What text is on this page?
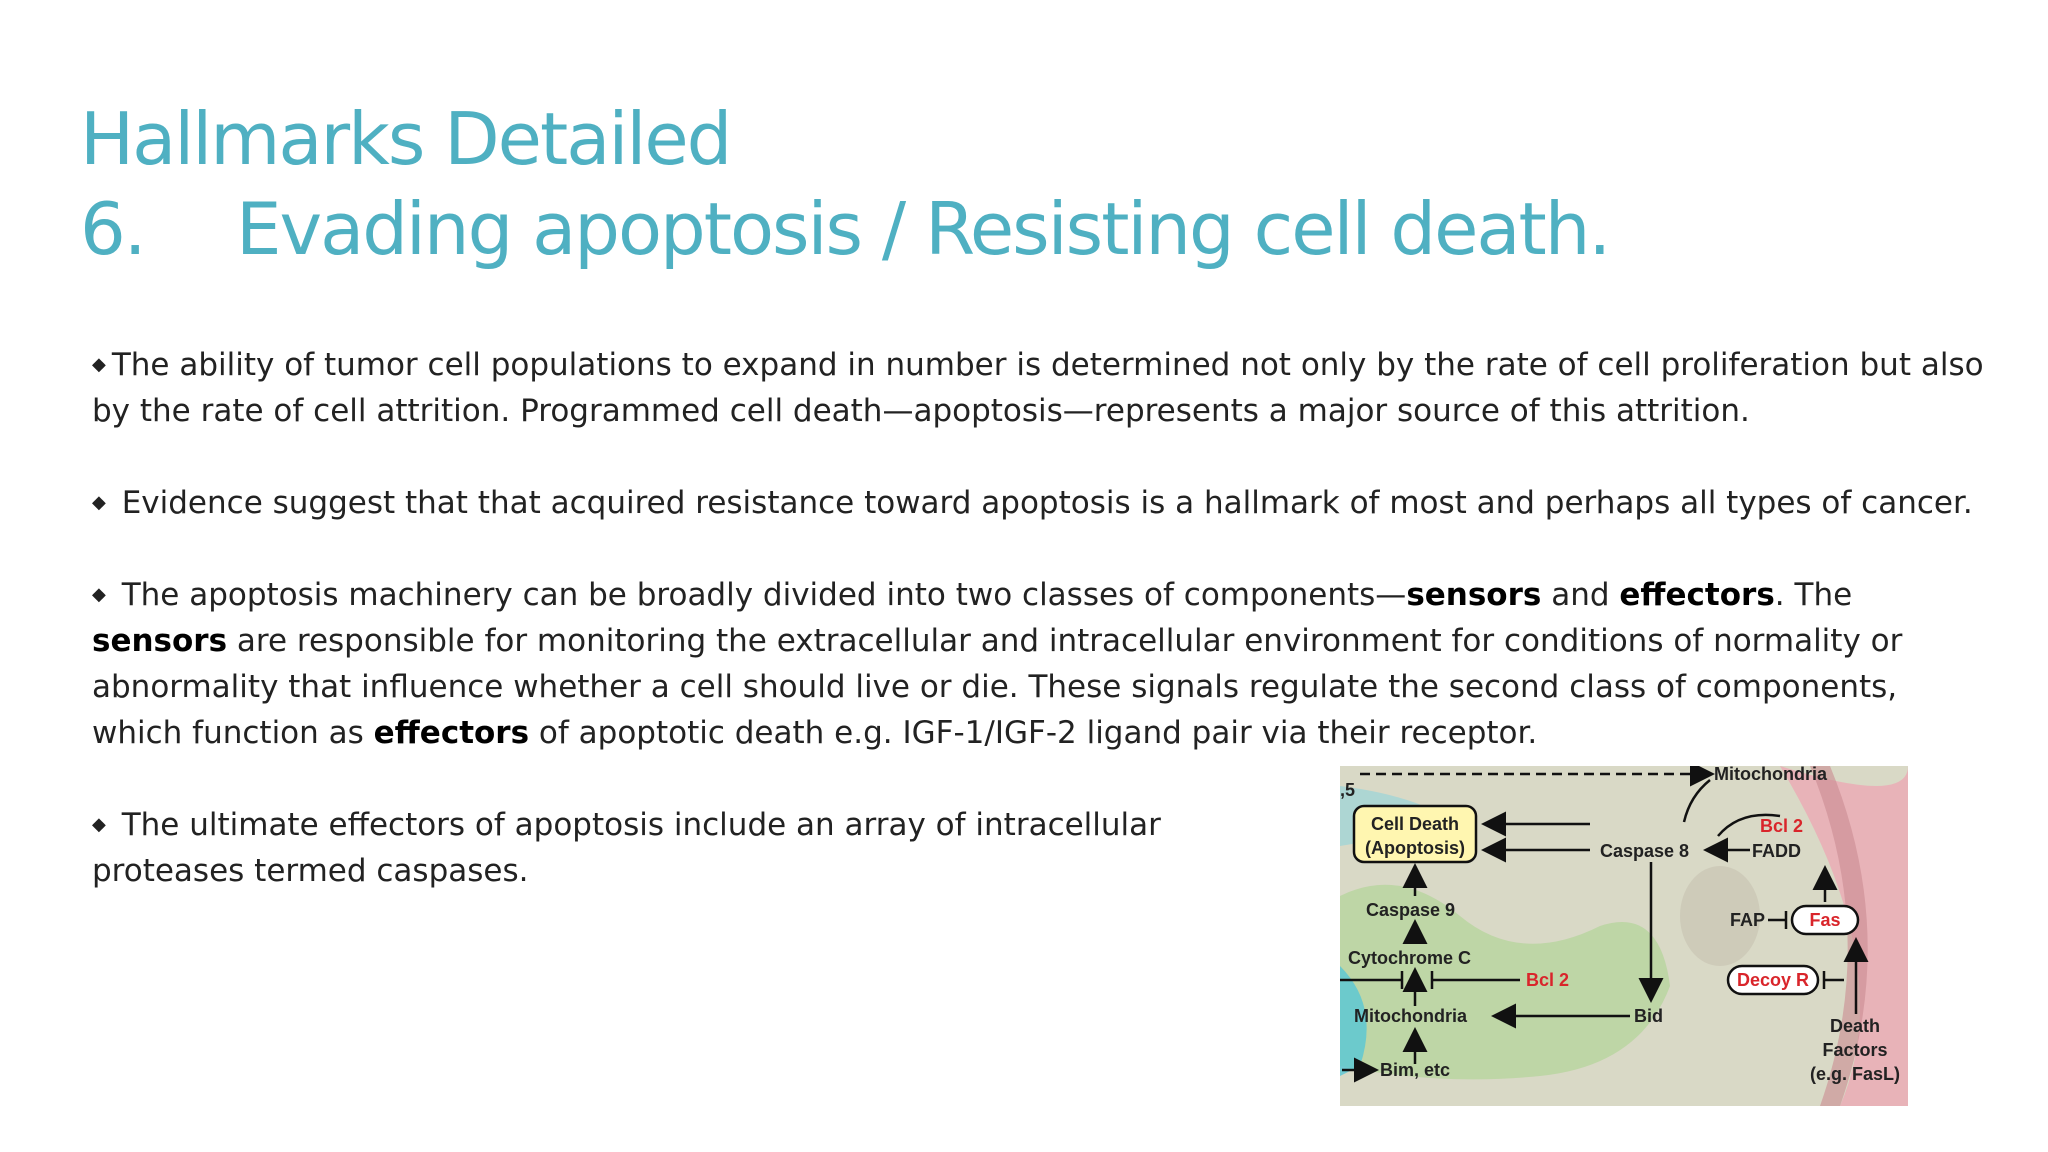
Hallmarks Detailed
6. Evading apoptosis / Resisting cell death.

◆ The ability of tumor cell populations to expand in number is determined not only by the rate of cell proliferation but also by the rate of cell attrition. Programmed cell death—apoptosis—represents a major source of this attrition.

◆ Evidence suggest that that acquired resistance toward apoptosis is a hallmark of most and perhaps all types of cancer.

◆ The apoptosis machinery can be broadly divided into two classes of components—sensors and effectors. The sensors are responsible for monitoring the extracellular and intracellular environment for conditions of normality or abnormality that influence whether a cell should live or die. These signals regulate the second class of components, which function as effectors of apoptotic death e.g. IGF-1/IGF-2 ligand pair via their receptor.

◆ The ultimate effectors of apoptosis include an array of intracellular proteases termed caspases.

Mitochondria
,5
Cell Death
(Apoptosis)	Caspase 8	FADD
Bcl 2
Caspase 9
Cytochrome C
Bcl 2
Mitochondria	Bid
Bim, etc
FAP Fas
Decoy R
Death
Factors
(e.g. FasL)
